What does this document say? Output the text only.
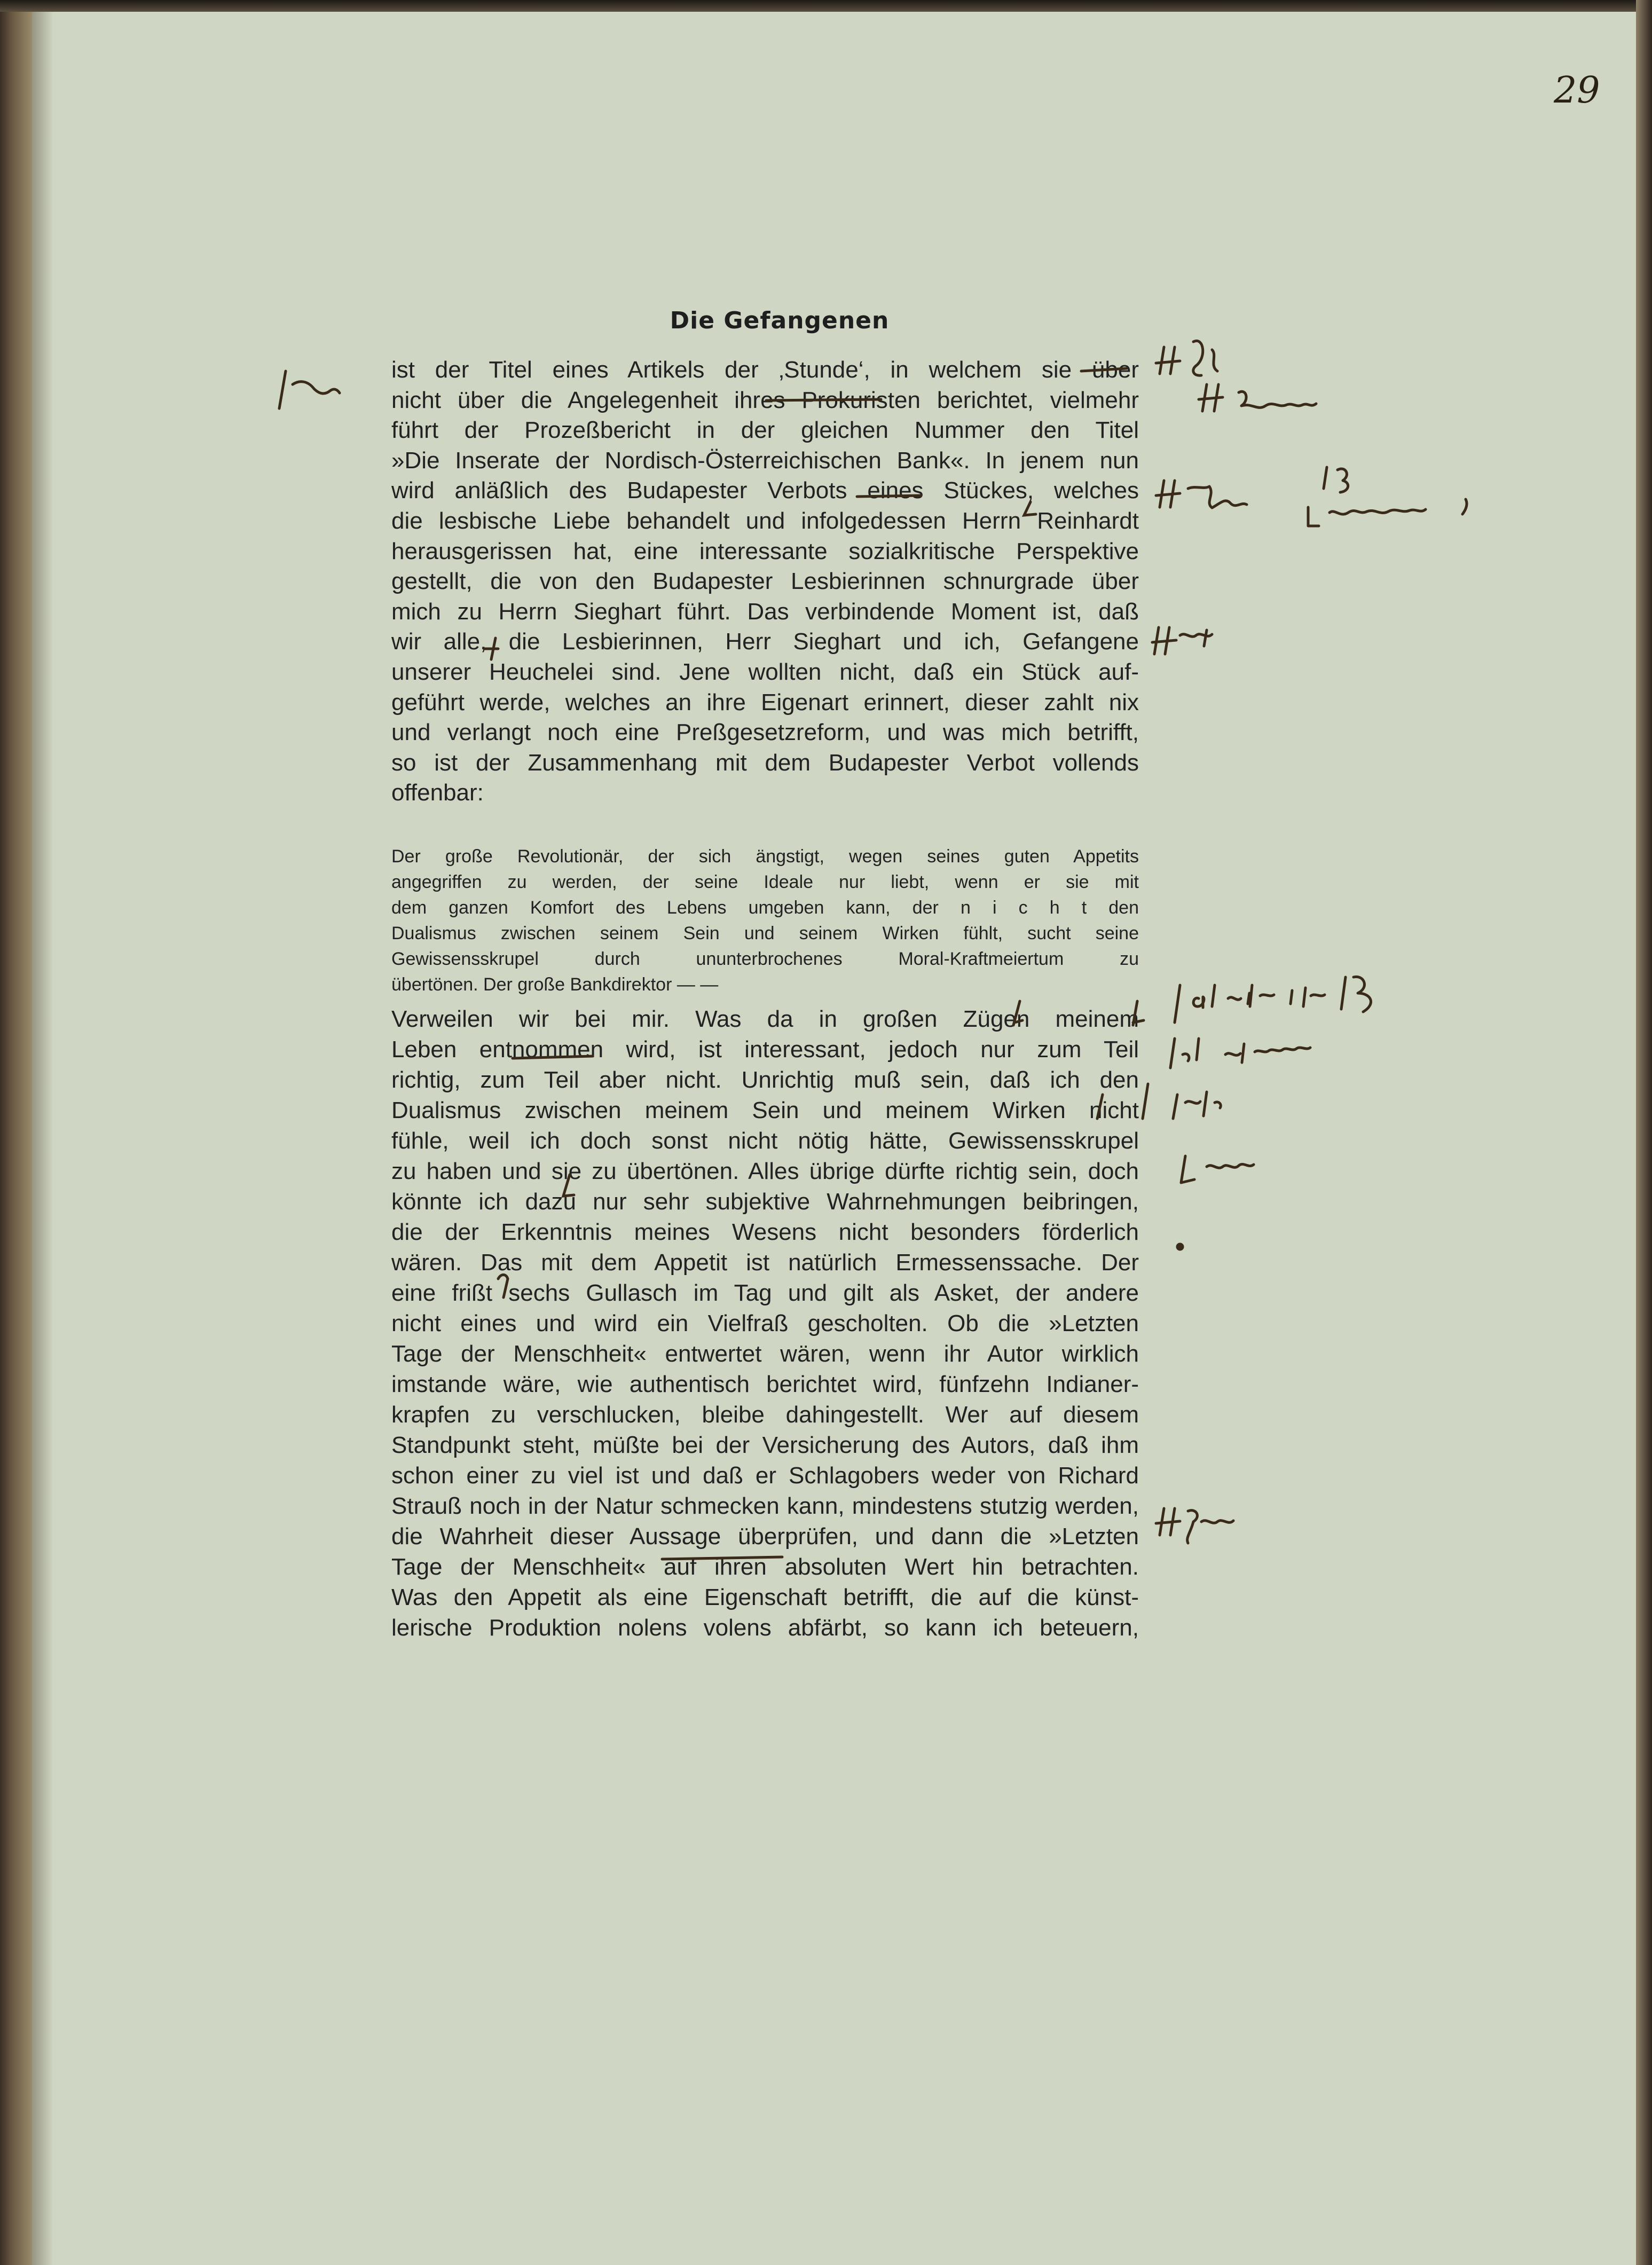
29
Die Gefangenen
ist der Titel eines Artikels der ‚Stunde‘, in welchem sie über
nicht über die Angelegenheit ihres Prokuristen berichtet, vielmehr
führt der Prozeßbericht in der gleichen Nummer den Titel
»Die Inserate der Nordisch-Österreichischen Bank«. In jenem nun
wird anläßlich des Budapester Verbots eines Stückes, welches
die lesbische Liebe behandelt und infolgedessen Herrn Reinhardt
herausgerissen hat, eine interessante sozialkritische Perspektive
gestellt, die von den Budapester Lesbierinnen schnurgrade über
mich zu Herrn Sieghart führt. Das verbindende Moment ist, daß
wir alle, die Lesbierinnen, Herr Sieghart und ich, Gefangene
unserer Heuchelei sind. Jene wollten nicht, daß ein Stück auf-
geführt werde, welches an ihre Eigenart erinnert, dieser zahlt nix
und verlangt noch eine Preßgesetzreform, und was mich betrifft,
so ist der Zusammenhang mit dem Budapester Verbot vollends
offenbar:
Der große Revolutionär, der sich ängstigt, wegen seines guten Appetits
angegriffen zu werden, der seine Ideale nur liebt, wenn er sie mit
dem ganzen Komfort des Lebens umgeben kann, der n i c h t den
Dualismus zwischen seinem Sein und seinem Wirken fühlt, sucht seine
Gewissensskrupel durch ununterbrochenes Moral-Kraftmeiertum zu
übertönen. Der große Bankdirektor — —
Verweilen wir bei mir. Was da in großen Zügen meinem
Leben entnommen wird, ist interessant, jedoch nur zum Teil
richtig, zum Teil aber nicht. Unrichtig muß sein, daß ich den
Dualismus zwischen meinem Sein und meinem Wirken nicht
fühle, weil ich doch sonst nicht nötig hätte, Gewissensskrupel
zu haben und sie zu übertönen. Alles übrige dürfte richtig sein, doch
könnte ich dazu nur sehr subjektive Wahrnehmungen beibringen,
die der Erkenntnis meines Wesens nicht besonders förderlich
wären. Das mit dem Appetit ist natürlich Ermessenssache. Der
eine frißt sechs Gullasch im Tag und gilt als Asket, der andere
nicht eines und wird ein Vielfraß gescholten. Ob die »Letzten
Tage der Menschheit« entwertet wären, wenn ihr Autor wirklich
imstande wäre, wie authentisch berichtet wird, fünfzehn Indianer-
krapfen zu verschlucken, bleibe dahingestellt. Wer auf diesem
Standpunkt steht, müßte bei der Versicherung des Autors, daß ihm
schon einer zu viel ist und daß er Schlagobers weder von Richard
Strauß noch in der Natur schmecken kann, mindestens stutzig werden,
die Wahrheit dieser Aussage überprüfen, und dann die »Letzten
Tage der Menschheit« auf ihren absoluten Wert hin betrachten.
Was den Appetit als eine Eigenschaft betrifft, die auf die künst-
lerische Produktion nolens volens abfärbt, so kann ich beteuern,
